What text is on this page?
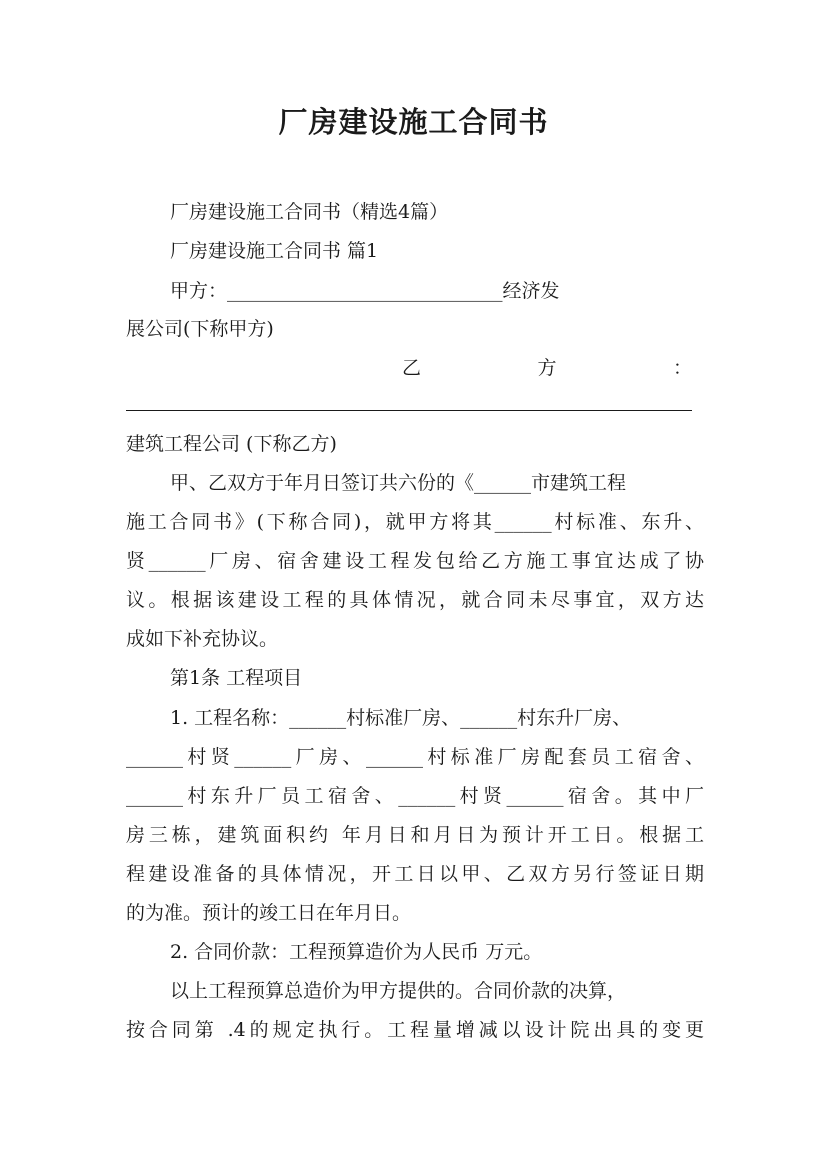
厂房建设施工合同书
厂房建设施工合同书（精选4篇）
厂房建设施工合同书 篇1
甲方：_____________________________经济发
展公司(下称甲方)
乙　　　方　　　：
建筑工程公司 (下称乙方)
甲、乙双方于年月日签订共六份的《______市建筑工程
施工合同书》(下称合同)，就甲方将其______村标准、东升、
贤______厂房、宿舍建设工程发包给乙方施工事宜达成了协
议。根据该建设工程的具体情况，就合同未尽事宜，双方达
成如下补充协议。
第1条 工程项目
1. 工程名称：______村标准厂房、______村东升厂房、
______村贤______厂房、______村标准厂房配套员工宿舍、
______村东升厂员工宿舍、______村贤______宿舍。其中厂
房三栋，建筑面积约 年月日和月日为预计开工日。根据工
程建设准备的具体情况，开工日以甲、乙双方另行签证日期
的为准。预计的竣工日在年月日。
2. 合同价款：工程预算造价为人民币 万元。
以上工程预算总造价为甲方提供的。合同价款的决算，
按合同第 .4的规定执行。工程量增减以设计院出具的变更
